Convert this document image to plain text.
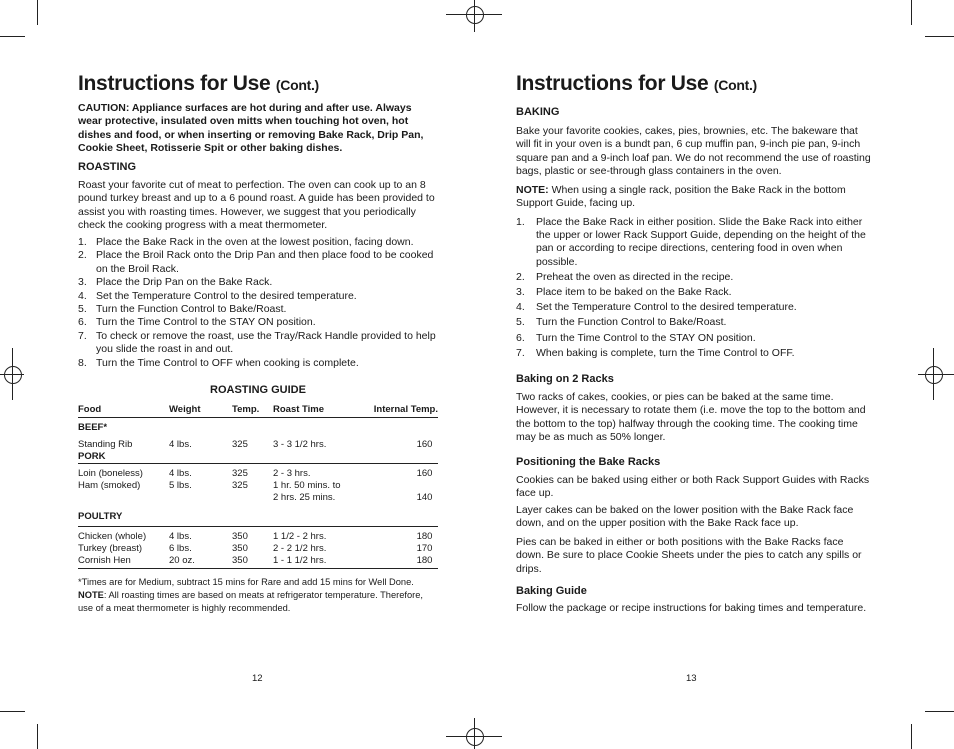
Instructions for Use (Cont.)
CAUTION: Appliance surfaces are hot during and after use. Always wear protective, insulated oven mitts when touching hot oven, hot dishes and food, or when inserting or removing Bake Rack, Drip Pan, Cookie Sheet, Rotisserie Spit or other baking dishes.
ROASTING
Roast your favorite cut of meat to perfection. The oven can cook up to an 8 pound turkey breast and up to a 6 pound roast. A guide has been provided to assist you with roasting times. However, we suggest that you periodically check the cooking progress with a meat thermometer.
1. Place the Bake Rack in the oven at the lowest position, facing down.
2. Place the Broil Rack onto the Drip Pan and then place food to be cooked on the Broil Rack.
3. Place the Drip Pan on the Bake Rack.
4. Set the Temperature Control to the desired temperature.
5. Turn the Function Control to Bake/Roast.
6. Turn the Time Control to the STAY ON position.
7. To check or remove the roast, use the Tray/Rack Handle provided to help you slide the roast in and out.
8. Turn the Time Control to OFF when cooking is complete.
ROASTING GUIDE
Food	Weight	Temp.	Roast Time	Internal Temp.
BEEF*
Standing Rib	4 lbs.	325	3 - 3 1/2 hrs.	160
PORK
Loin (boneless)	4 lbs.	325	2 - 3 hrs.	160
Ham (smoked)	5 lbs.	325	1 hr. 50 mins. to
2 hrs. 25 mins.	140
POULTRY
Chicken (whole)	4 lbs.	350	1 1/2 - 2 hrs.	180
Turkey (breast)	6 lbs.	350	2 - 2 1/2 hrs.	170
Cornish Hen	20 oz.	350	1 - 1 1/2 hrs.	180
*Times are for Medium, subtract 15 mins for Rare and add 15 mins for Well Done.
NOTE: All roasting times are based on meats at refrigerator temperature. Therefore, use of a meat thermometer is highly recommended.
12
Instructions for Use (Cont.)
BAKING
Bake your favorite cookies, cakes, pies, brownies, etc. The bakeware that will fit in your oven is a bundt pan, 6 cup muffin pan, 9-inch pie pan, 9-inch square pan and a 9-inch loaf pan. We do not recommend the use of roasting bags, plastic or see-through glass containers in the oven.
NOTE: When using a single rack, position the Bake Rack in the bottom Support Guide, facing up.
1. Place the Bake Rack in either position. Slide the Bake Rack into either the upper or lower Rack Support Guide, depending on the height of the pan or according to recipe directions, centering food in oven when possible.
2. Preheat the oven as directed in the recipe.
3. Place item to be baked on the Bake Rack.
4. Set the Temperature Control to the desired temperature.
5. Turn the Function Control to Bake/Roast.
6. Turn the Time Control to the STAY ON position.
7. When baking is complete, turn the Time Control to OFF.
Baking on 2 Racks
Two racks of cakes, cookies, or pies can be baked at the same time. However, it is necessary to rotate them (i.e. move the top to the bottom and the bottom to the top) halfway through the cooking time. The cooking time may be as much as 50% longer.
Positioning the Bake Racks
Cookies can be baked using either or both Rack Support Guides with Racks face up.
Layer cakes can be baked on the lower position with the Bake Rack face down, and on the upper position with the Bake Rack face up.
Pies can be baked in either or both positions with the Bake Racks face down. Be sure to place Cookie Sheets under the pies to catch any spills or drips.
Baking Guide
Follow the package or recipe instructions for baking times and temperature.
13
